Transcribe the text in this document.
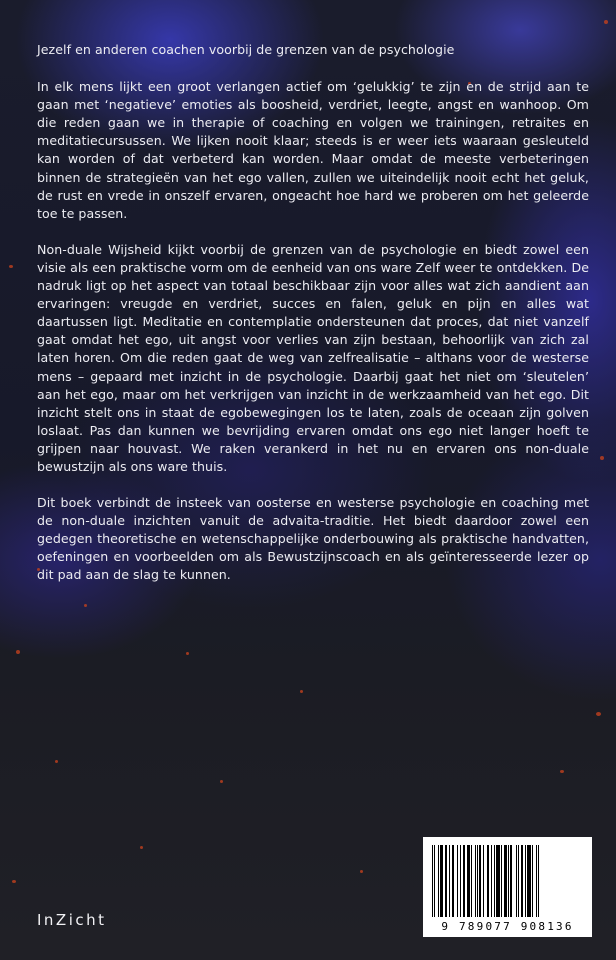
Jezelf en anderen coachen voorbij de grenzen van de psychologie

In elk mens lijkt een groot verlangen actief om ‘gelukkig’ te zijn en de strijd aan te gaan met ‘negatieve’ emoties als boosheid, verdriet, leegte, angst en wanhoop. Om die reden gaan we in therapie of coaching en volgen we trainingen, retraites en meditatiecursussen. We lijken nooit klaar; steeds is er weer iets waaraan gesleuteld kan worden of dat verbeterd kan worden. Maar omdat de meeste verbeteringen binnen de strategieën van het ego vallen, zullen we uiteindelijk nooit echt het geluk, de rust en vrede in onszelf ervaren, ongeacht hoe hard we proberen om het geleerde toe te passen.

Non-duale Wijsheid kijkt voorbij de grenzen van de psychologie en biedt zowel een visie als een praktische vorm om de eenheid van ons ware Zelf weer te ontdekken. De nadruk ligt op het aspect van totaal beschikbaar zijn voor alles wat zich aandient aan ervaringen: vreugde en verdriet, succes en falen, geluk en pijn en alles wat daartussen ligt. Meditatie en contemplatie ondersteunen dat proces, dat niet vanzelf gaat omdat het ego, uit angst voor verlies van zijn bestaan, behoorlijk van zich zal laten horen. Om die reden gaat de weg van zelfrealisatie – althans voor de westerse mens – gepaard met inzicht in de psychologie. Daarbij gaat het niet om ‘sleutelen’ aan het ego, maar om het verkrijgen van inzicht in de werkzaamheid van het ego. Dit inzicht stelt ons in staat de egobewegingen los te laten, zoals de oceaan zijn golven loslaat. Pas dan kunnen we bevrijding ervaren omdat ons ego niet langer hoeft te grijpen naar houvast. We raken verankerd in het nu en ervaren ons non-duale bewustzijn als ons ware thuis.

Dit boek verbindt de insteek van oosterse en westerse psychologie en coaching met de non-duale inzichten vanuit de advaita-traditie. Het biedt daardoor zowel een gedegen theoretische en wetenschappelijke onderbouwing als praktische handvatten, oefeningen en voorbeelden om als Bewustzijnscoach en als geïnteresseerde lezer op dit pad aan de slag te kunnen.

InZicht	9 789077 908136
